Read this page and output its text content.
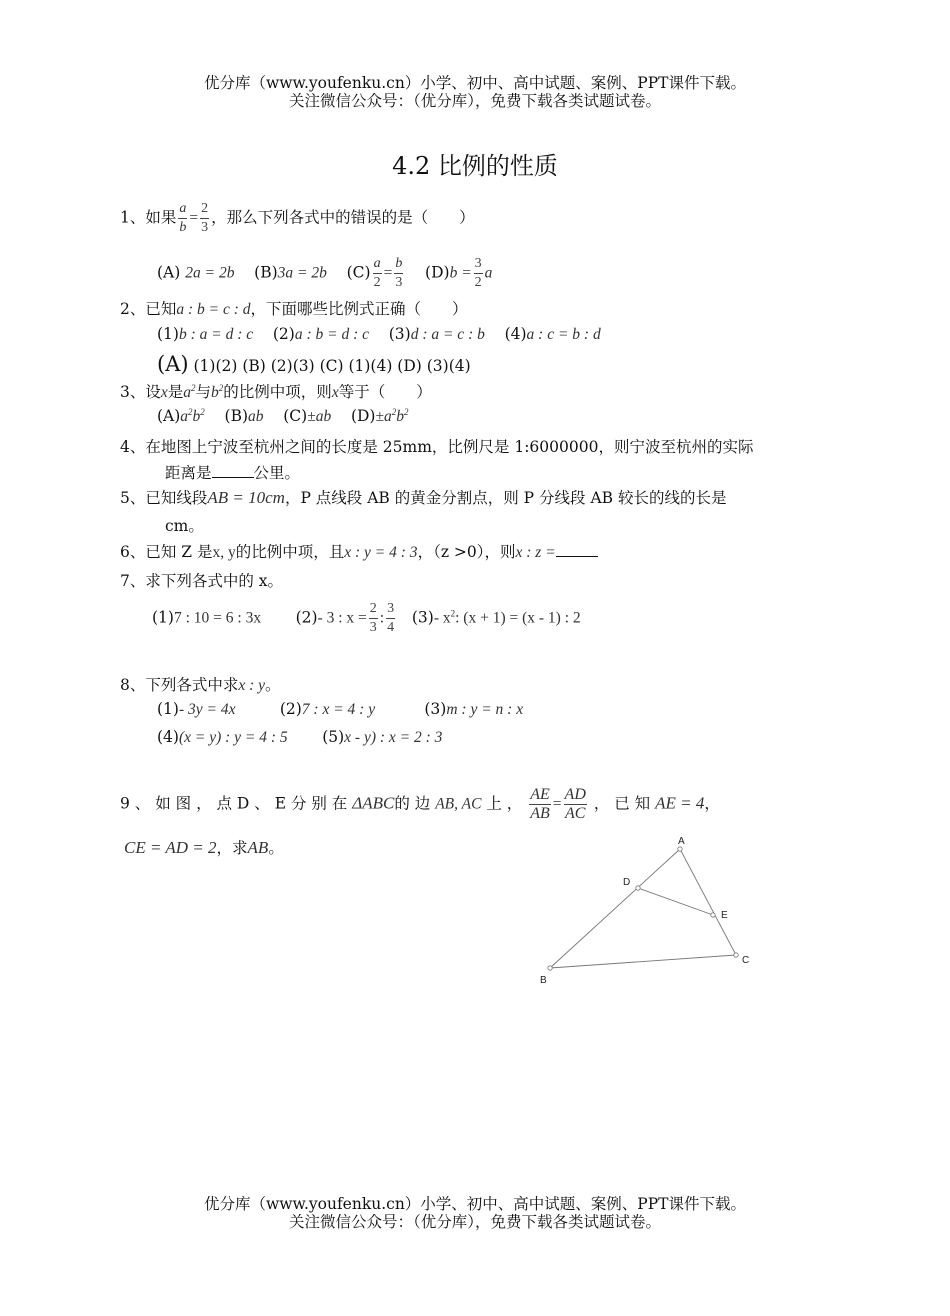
优分库（www.youfenku.cn）小学、初中、高中试题、案例、PPT课件下载。
关注微信公众号：（优分库），免费下载各类试题试卷。
4.2 比例的性质
1、如果 $\frac{a}{b} = \frac{2}{3}$ ，那么下列各式中的错误的是（　　）
(A) 2a = 2b (B)3a = 2b $(C) \frac{a}{2} = \frac{b}{3} (D)b = \frac{3}{2}$ a
2、已知a : b = c : d，下面哪些比例式正确（　　）
(1)b : a = d : c (2)a : b = d : c (3)d : a = c : b (4)a : c = b : d
(A) (1)(2) (B) (2)(3) (C) (1)(4) (D) (3)(4)
3、设x是$a^2$与$b^2$的比例中项，则x等于（　　）
$(A)a^2b^2$ (B)ab (C)±ab $(D)\pm a^2b^2$
4、在地图上宁波至杭州之间的长度是 25mm，比例尺是 1:6000000，则宁波至杭州的实际
距离是	公里。
5、已知线段AB = 10cm，P 点线段 AB 的黄金分割点，则 P 分线段 AB 较长的线的长是
cm。
6、已知 Z 是x, y的比例中项，且x : y = 4 : 3，（z >0），则x : z =
7、求下列各式中的 x。
(1)7 : 10 = 6 : 3x (2)- 3 : $x = \frac{2}{3}$ : $\frac{3}{4} (3)-$ $x^2$: (x + 1) = (x - 1) : 2
8、下列各式中求x : y。
(1)- 3y = 4x	(2)7 : x = 4 : y	(3)m : y = n : x
(4)(x = y) : y = 4 : 5 (5)x - y) : x = 2 : 3
9 、 如 图 ， 点 D 、 E 分 别 在 ΔABC的 边 AB, AC 上 ， $\frac{AE}{AB} = \frac{AD}{AC}$ ， 已 知 AE = 4，
CE = AD = 2，求AB。	A
B
C
D
E
优分库（www.youfenku.cn）小学、初中、高中试题、案例、PPT课件下载。
关注微信公众号：（优分库），免费下载各类试题试卷。
